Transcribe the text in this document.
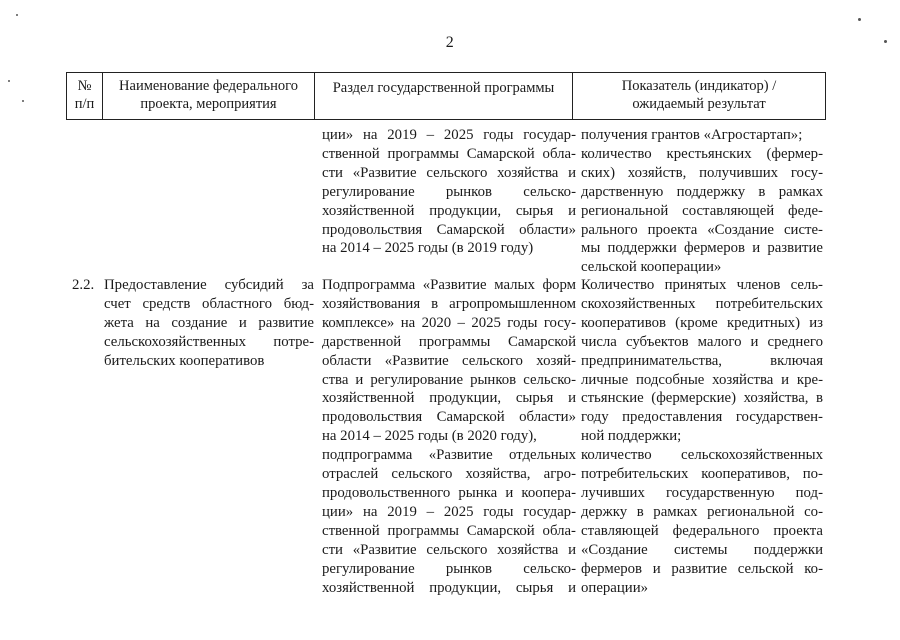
2
№
п/п
Наименование федерального
проекта, мероприятия
Раздел государственной программы	Показатель (индикатор) /
ожидаемый результат
ции» на 2019 – 2025 годы государ-
ственной программы Самарской обла-
сти «Развитие сельского хозяйства и
регулирование рынков сельско-
хозяйственной продукции, сырья и
продовольствия Самарской области»
на 2014 – 2025 годы (в 2019 году)
получения грантов «Агростартап»;
количество крестьянских (фермер-
ских) хозяйств, получивших госу-
дарственную поддержку в рамках
региональной составляющей феде-
рального проекта «Создание систе-
мы поддержки фермеров и развитие
сельской кооперации»
2.2. Предоставление субсидий за
счет средств областного бюд-
жета на создание и развитие
сельскохозяйственных потре-
бительских кооперативов
Подпрограмма «Развитие малых форм
хозяйствования в агропромышленном
комплексе» на 2020 – 2025 годы госу-
дарственной программы Самарской
области «Развитие сельского хозяй-
ства и регулирование рынков сельско-
хозяйственной продукции, сырья и
продовольствия Самарской области»
на 2014 – 2025 годы (в 2020 году),
подпрограмма «Развитие отдельных
отраслей сельского хозяйства, агро-
продовольственного рынка и коопера-
ции» на 2019 – 2025 годы государ-
ственной программы Самарской обла-
сти «Развитие сельского хозяйства и
регулирование рынков сельско-
хозяйственной продукции, сырья и
Количество принятых членов сель-
скохозяйственных потребительских
кооперативов (кроме кредитных) из
числа субъектов малого и среднего
предпринимательства, включая
личные подсобные хозяйства и кре-
стьянские (фермерские) хозяйства, в
году предоставления государствен-
ной поддержки;
количество сельскохозяйственных
потребительских кооперативов, по-
лучивших государственную под-
держку в рамках региональной со-
ставляющей федерального проекта
«Создание системы поддержки
фермеров и развитие сельской ко-
операции»
